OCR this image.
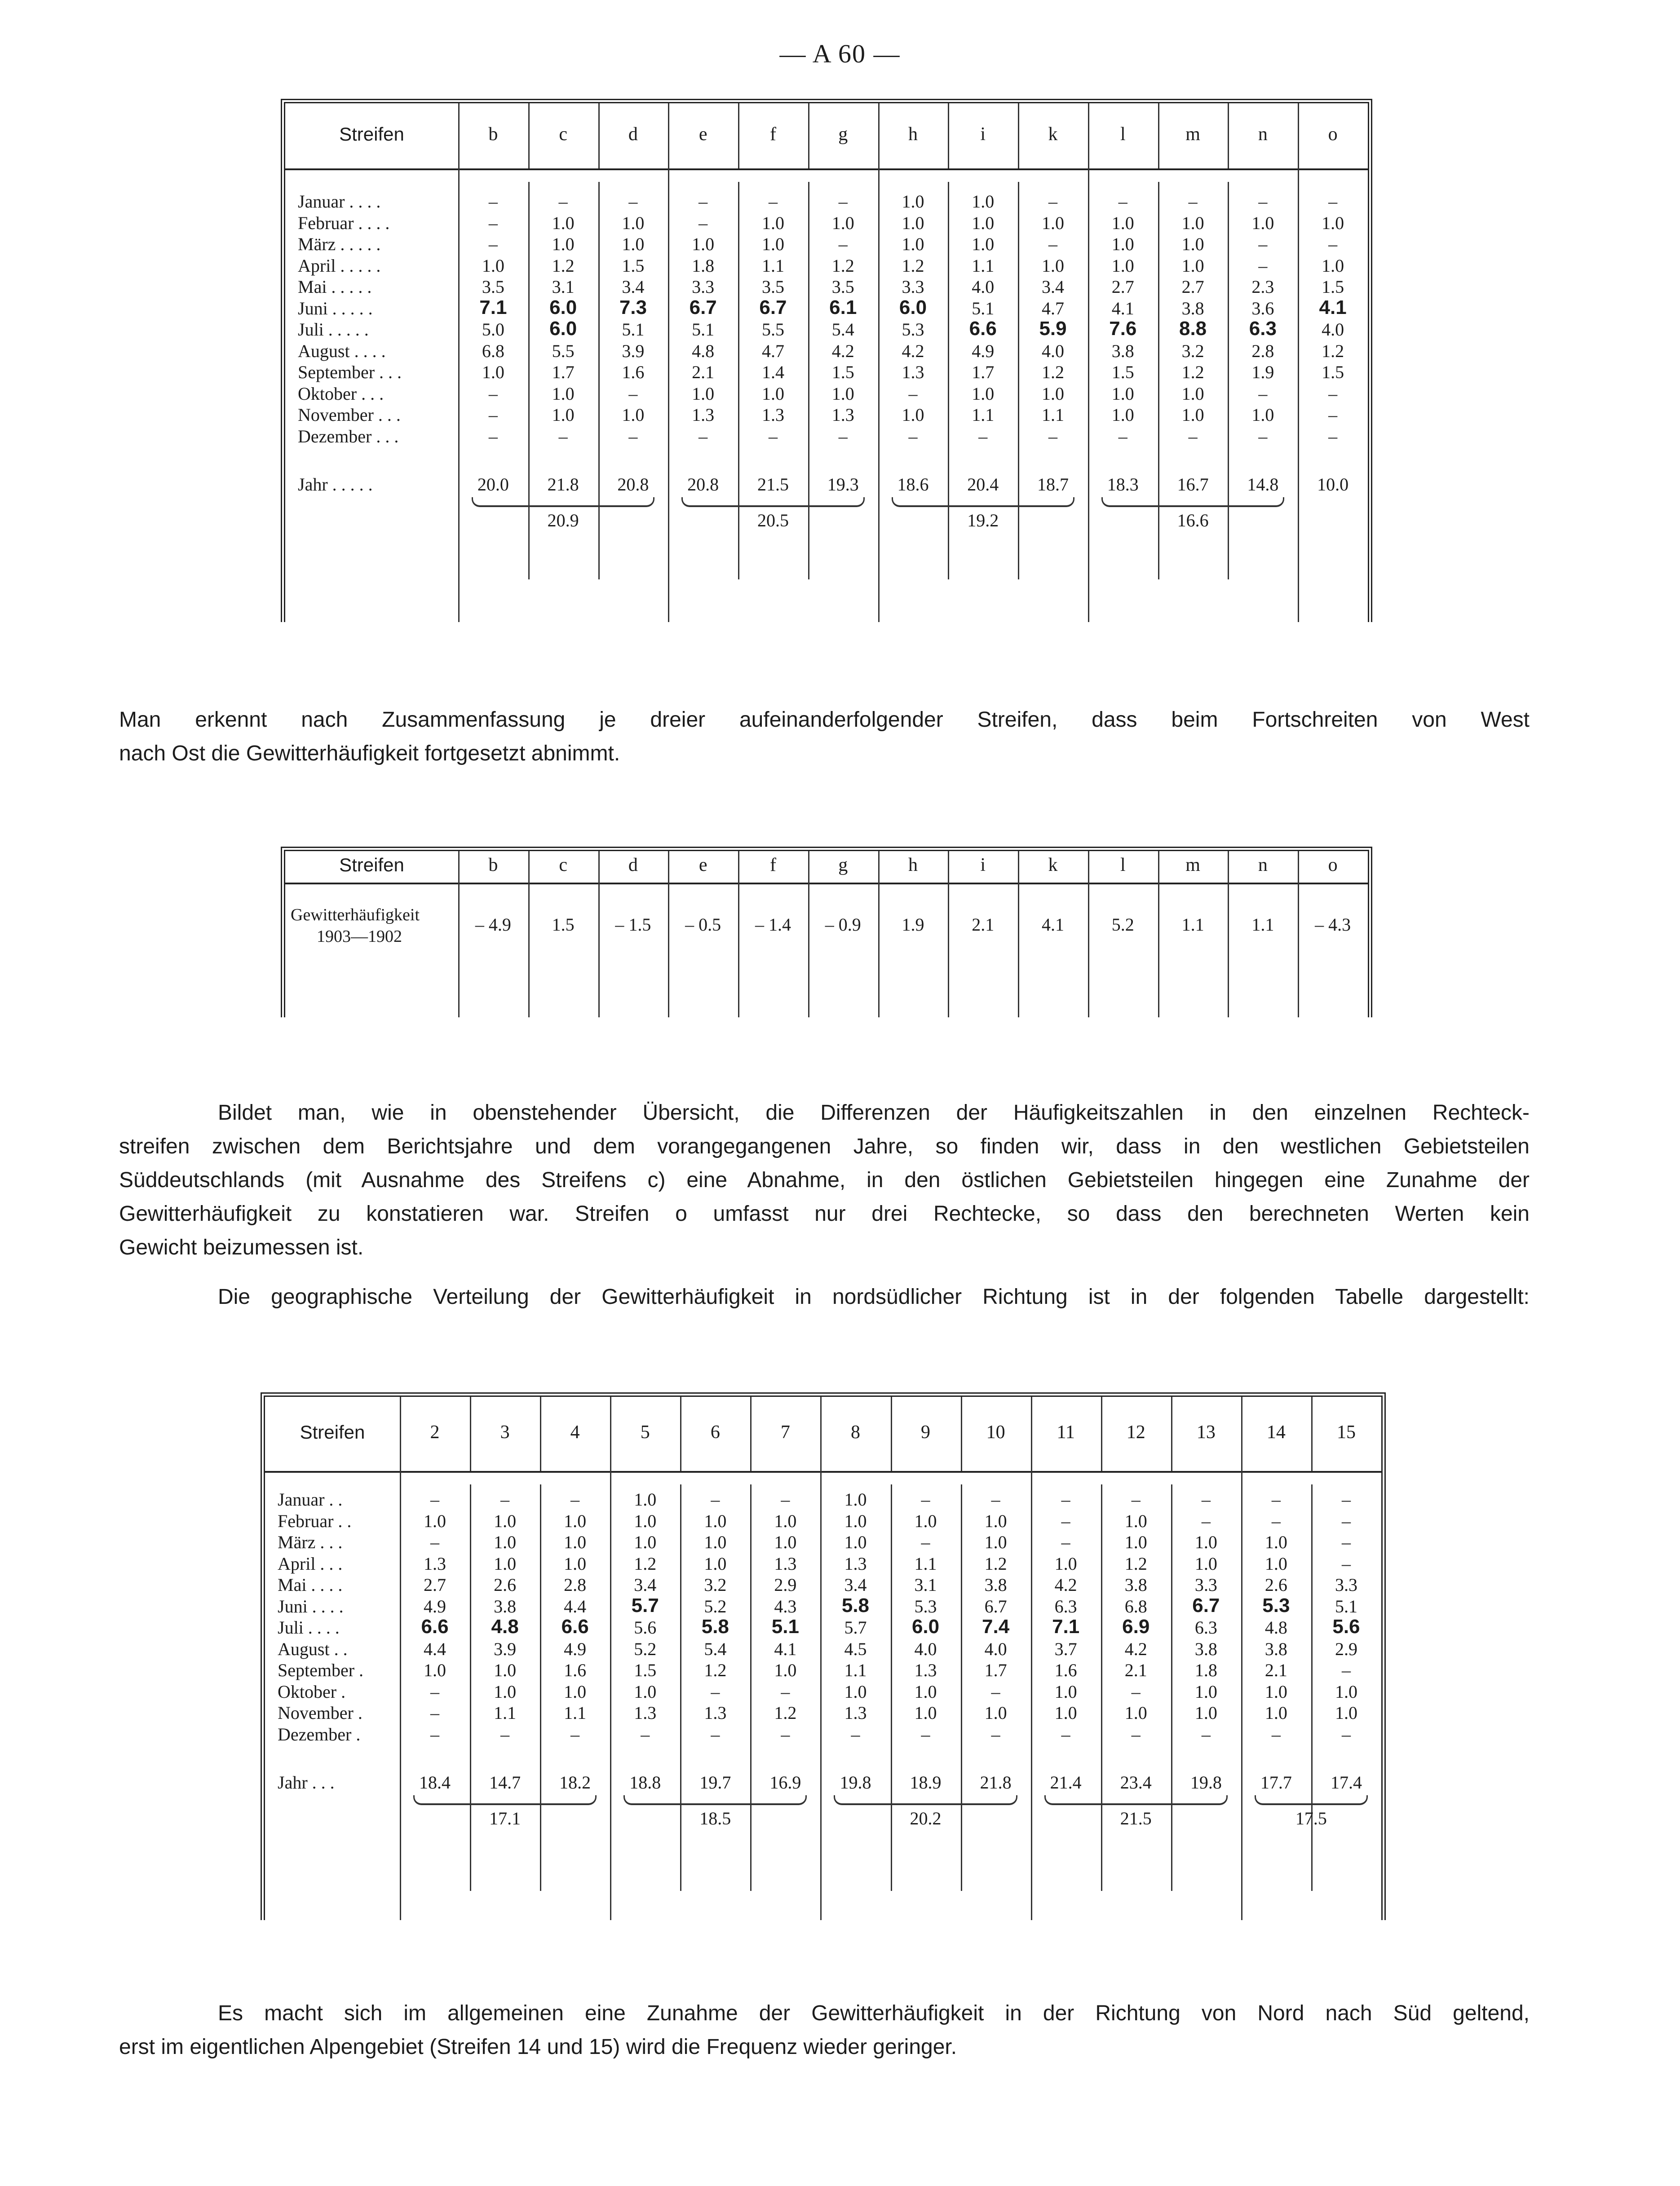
— A 60 —
Streifen	b	c	d	e	f	g	h	i	k	l	m	n	o
Januar . . . .	–	–	–	–	–	–	1.0	1.0	–	–	–	–	–
Februar . . . .	–	1.0	1.0	–	1.0	1.0	1.0	1.0	1.0	1.0	1.0	1.0	1.0
März . . . . .	–	1.0	1.0	1.0	1.0	–	1.0	1.0	–	1.0	1.0	–	–
April . . . . .	1.0	1.2	1.5	1.8	1.1	1.2	1.2	1.1	1.0	1.0	1.0	–	1.0
Mai . . . . .	3.5	3.1	3.4	3.3	3.5	3.5	3.3	4.0	3.4	2.7	2.7	2.3	1.5
Juni . . . . .	7.1	6.0	7.3	6.7	6.7	6.1	6.0	5.1	4.7	4.1	3.8	3.6	4.1
Juli . . . . .	5.0	6.0	5.1	5.1	5.5	5.4	5.3	6.6	5.9	7.6	8.8	6.3	4.0
August . . . .	6.8	5.5	3.9	4.8	4.7	4.2	4.2	4.9	4.0	3.8	3.2	2.8	1.2
September . . .	1.0	1.7	1.6	2.1	1.4	1.5	1.3	1.7	1.2	1.5	1.2	1.9	1.5
Oktober . . .	–	1.0	–	1.0	1.0	1.0	–	1.0	1.0	1.0	1.0	–	–
November . . .	–	1.0	1.0	1.3	1.3	1.3	1.0	1.1	1.1	1.0	1.0	1.0	–
Dezember . . .	–	–	–	–	–	–	–	–	–	–	–	–	–
Jahr . . . . .	20.0	21.8	20.8	20.8	21.5	19.3	18.6	20.4	18.7	18.3	16.7	14.8	10.0
20.9	20.5	19.2	16.6
Man erkennt nach Zusammenfassung je dreier aufeinanderfolgender Streifen, dass beim Fortschreiten von West
nach Ost die Gewitterhäufigkeit fortgesetzt abnimmt.
Streifen	b	c	d	e	f	g	h	i	k	l	m	n	o
Gewitterhäufigkeit
1903—1902
– 4.9	1.5	– 1.5	– 0.5	– 1.4	– 0.9	1.9	2.1	4.1	5.2	1.1	1.1	– 4.3
Bildet man, wie in obenstehender Übersicht, die Differenzen der Häufigkeitszahlen in den einzelnen Rechteck-
streifen zwischen dem Berichtsjahre und dem vorangegangenen Jahre, so finden wir, dass in den westlichen Gebietsteilen
Süddeutschlands (mit Ausnahme des Streifens c) eine Abnahme, in den östlichen Gebietsteilen hingegen eine Zunahme der
Gewitterhäufigkeit zu konstatieren war. Streifen o umfasst nur drei Rechtecke, so dass den berechneten Werten kein
Gewicht beizumessen ist.
Die geographische Verteilung der Gewitterhäufigkeit in nordsüdlicher Richtung ist in der folgenden Tabelle dargestellt:
Streifen	2	3	4	5	6	7	8	9	10	11	12	13	14	15
Januar . .	–	–	–	1.0	–	–	1.0	–	–	–	–	–	–	–
Februar . .	1.0	1.0	1.0	1.0	1.0	1.0	1.0	1.0	1.0	–	1.0	–	–	–
März . . .	–	1.0	1.0	1.0	1.0	1.0	1.0	–	1.0	–	1.0	1.0	1.0	–
April . . .	1.3	1.0	1.0	1.2	1.0	1.3	1.3	1.1	1.2	1.0	1.2	1.0	1.0	–
Mai . . . .	2.7	2.6	2.8	3.4	3.2	2.9	3.4	3.1	3.8	4.2	3.8	3.3	2.6	3.3
Juni . . . .	4.9	3.8	4.4	5.7	5.2	4.3	5.8	5.3	6.7	6.3	6.8	6.7	5.3	5.1
Juli . . . .	6.6	4.8	6.6	5.6	5.8	5.1	5.7	6.0	7.4	7.1	6.9	6.3	4.8	5.6
August . .	4.4	3.9	4.9	5.2	5.4	4.1	4.5	4.0	4.0	3.7	4.2	3.8	3.8	2.9
September .	1.0	1.0	1.6	1.5	1.2	1.0	1.1	1.3	1.7	1.6	2.1	1.8	2.1	–
Oktober .	–	1.0	1.0	1.0	–	–	1.0	1.0	–	1.0	–	1.0	1.0	1.0
November .	–	1.1	1.1	1.3	1.3	1.2	1.3	1.0	1.0	1.0	1.0	1.0	1.0	1.0
Dezember .	–	–	–	–	–	–	–	–	–	–	–	–	–	–
Jahr . . .	18.4	14.7	18.2	18.8	19.7	16.9	19.8	18.9	21.8	21.4	23.4	19.8	17.7	17.4
17.1	18.5	20.2	21.5	17.5
Es macht sich im allgemeinen eine Zunahme der Gewitterhäufigkeit in der Richtung von Nord nach Süd geltend,
erst im eigentlichen Alpengebiet (Streifen 14 und 15) wird die Frequenz wieder geringer.
